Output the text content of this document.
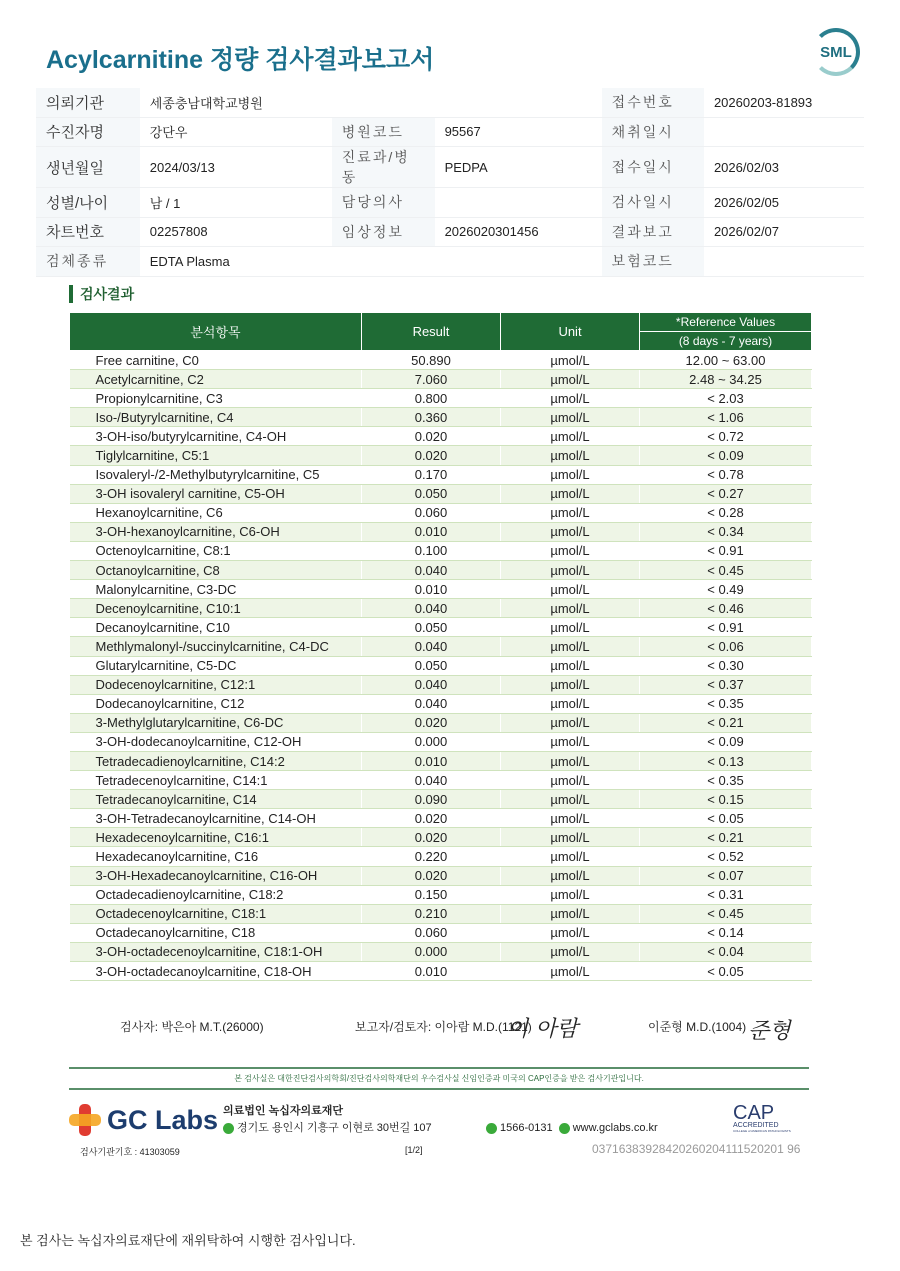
Acylcarnitine 정량 검사결과보고서	SML
의뢰기관	세종충남대학교병원			접수번호	20260203-81893
수진자명	강단우	병원코드	95567	채취일시	
생년월일	2024/03/13	진료과/병동	PEDPA	접수일시	2026/02/03
성별/나이	남 / 1	담당의사		검사일시	2026/02/05
차트번호	02257808	임상정보	2026020301456	결과보고	2026/02/07
검체종류	EDTA Plasma			보험코드	
검사결과
분석항목	Result	Unit	*Reference Values
			(8 days - 7 years)
Free carnitine, C0	50.890	µmol/L	12.00 ~ 63.00
Acetylcarnitine, C2	7.060	µmol/L	2.48 ~ 34.25
Propionylcarnitine, C3	0.800	µmol/L	< 2.03
Iso-/Butyrylcarnitine, C4	0.360	µmol/L	< 1.06
3-OH-iso/butyrylcarnitine, C4-OH	0.020	µmol/L	< 0.72
Tiglylcarnitine, C5:1	0.020	µmol/L	< 0.09
Isovaleryl-/2-Methylbutyrylcarnitine, C5	0.170	µmol/L	< 0.78
3-OH isovaleryl carnitine, C5-OH	0.050	µmol/L	< 0.27
Hexanoylcarnitine, C6	0.060	µmol/L	< 0.28
3-OH-hexanoylcarnitine, C6-OH	0.010	µmol/L	< 0.34
Octenoylcarnitine, C8:1	0.100	µmol/L	< 0.91
Octanoylcarnitine, C8	0.040	µmol/L	< 0.45
Malonylcarnitine, C3-DC	0.010	µmol/L	< 0.49
Decenoylcarnitine, C10:1	0.040	µmol/L	< 0.46
Decanoylcarnitine, C10	0.050	µmol/L	< 0.91
Methlymalonyl-/succinylcarnitine, C4-DC	0.040	µmol/L	< 0.06
Glutarylcarnitine, C5-DC	0.050	µmol/L	< 0.30
Dodecenoylcarnitine, C12:1	0.040	µmol/L	< 0.37
Dodecanoylcarnitine, C12	0.040	µmol/L	< 0.35
3-Methylglutarylcarnitine, C6-DC	0.020	µmol/L	< 0.21
3-OH-dodecanoylcarnitine, C12-OH	0.000	µmol/L	< 0.09
Tetradecadienoylcarnitine, C14:2	0.010	µmol/L	< 0.13
Tetradecenoylcarnitine, C14:1	0.040	µmol/L	< 0.35
Tetradecanoylcarnitine, C14	0.090	µmol/L	< 0.15
3-OH-Tetradecanoylcarnitine, C14-OH	0.020	µmol/L	< 0.05
Hexadecenoylcarnitine, C16:1	0.020	µmol/L	< 0.21
Hexadecanoylcarnitine, C16	0.220	µmol/L	< 0.52
3-OH-Hexadecanoylcarnitine, C16-OH	0.020	µmol/L	< 0.07
Octadecadienoylcarnitine, C18:2	0.150	µmol/L	< 0.31
Octadecenoylcarnitine, C18:1	0.210	µmol/L	< 0.45
Octadecanoylcarnitine, C18	0.060	µmol/L	< 0.14
3-OH-octadecenoylcarnitine, C18:1-OH	0.000	µmol/L	< 0.04
3-OH-octadecanoylcarnitine, C18-OH	0.010	µmol/L	< 0.05
검사자: 박은아 M.T.(26000)	보고자/검토자: 이아람 M.D.(1121)
이 아람	이준형 M.D.(1004) 준형
본 검사실은 대한진단검사의학회/진단검사의학재단의 우수검사실 신임인증과 미국의 CAP인증을 받은 검사기관입니다.
GC Labs 의료법인 녹십자의료재단
경기도 용인시 기흥구 이현로 30번길 107	1566-0131 www.gclabs.co.kr
CAP
ACCREDITED
COLLEGE of AMERICAN PATHOLOGISTS
검사기관기호 : 41303059	[1/2]	03716383928420260204111520201 96
본 검사는 녹십자의료재단에 재위탁하여 시행한 검사입니다.
